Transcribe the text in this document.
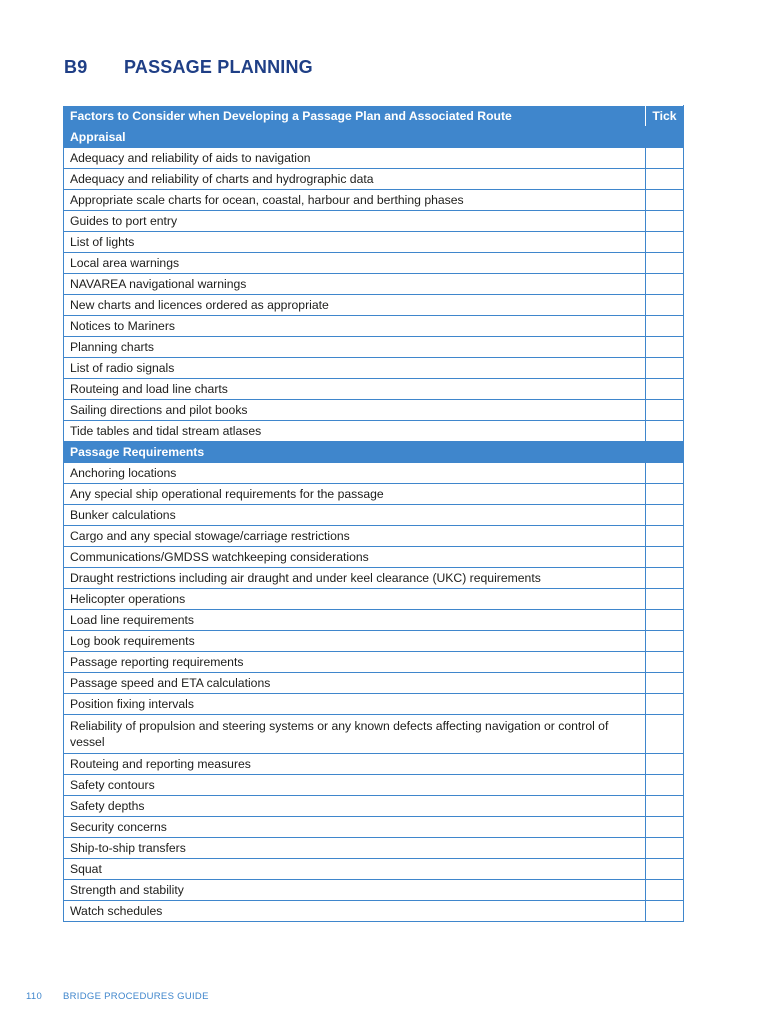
B9	PASSAGE PLANNING
Factors to Consider when Developing a Passage Plan and Associated Route	Tick
Appraisal	
Adequacy and reliability of aids to navigation	
Adequacy and reliability of charts and hydrographic data	
Appropriate scale charts for ocean, coastal, harbour and berthing phases	
Guides to port entry	
List of lights	
Local area warnings	
NAVAREA navigational warnings	
New charts and licences ordered as appropriate	
Notices to Mariners	
Planning charts	
List of radio signals	
Routeing and load line charts	
Sailing directions and pilot books	
Tide tables and tidal stream atlases	
Passage Requirements	
Anchoring locations	
Any special ship operational requirements for the passage	
Bunker calculations	
Cargo and any special stowage/carriage restrictions	
Communications/GMDSS watchkeeping considerations	
Draught restrictions including air draught and under keel clearance (UKC) requirements	
Helicopter operations	
Load line requirements	
Log book requirements	
Passage reporting requirements	
Passage speed and ETA calculations	
Position fixing intervals	
Reliability of propulsion and steering systems or any known defects affecting navigation or control of vessel	
Routeing and reporting measures	
Safety contours	
Safety depths	
Security concerns	
Ship-to-ship transfers	
Squat	
Strength and stability	
Watch schedules	
110	BRIDGE PROCEDURES GUIDE
